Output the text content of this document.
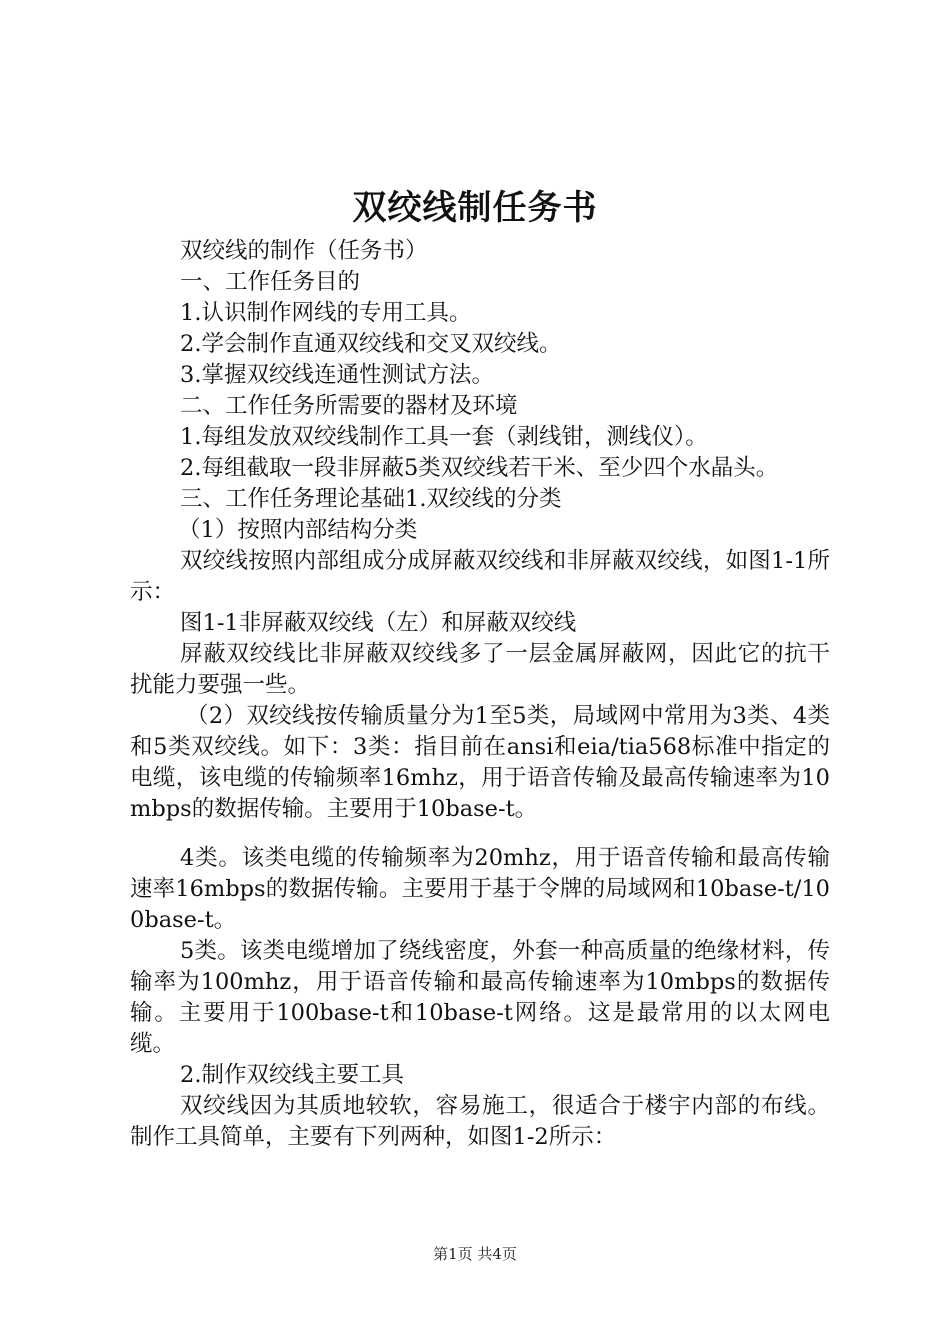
双绞线制任务书

双绞线的制作（任务书）

一、工作任务目的

1.认识制作网线的专用工具。

2.学会制作直通双绞线和交叉双绞线。

3.掌握双绞线连通性测试方法。

二、工作任务所需要的器材及环境

1.每组发放双绞线制作工具一套（剥线钳，测线仪）。

2.每组截取一段非屏蔽5类双绞线若干米、至少四个水晶头。

三、工作任务理论基础1.双绞线的分类

（1）按照内部结构分类

双绞线按照内部组成分成屏蔽双绞线和非屏蔽双绞线，如图1-1所示：

图1-1非屏蔽双绞线（左）和屏蔽双绞线

屏蔽双绞线比非屏蔽双绞线多了一层金属屏蔽网，因此它的抗干扰能力要强一些。

（2）双绞线按传输质量分为1至5类，局域网中常用为3类、4类和5类双绞线。如下：3类：指目前在ansi和eia/tia568标准中指定的电缆，该电缆的传输频率16mhz，用于语音传输及最高传输速率为10mbps的数据传输。主要用于10base-t。

4类。该类电缆的传输频率为20mhz，用于语音传输和最高传输速率16mbps的数据传输。主要用于基于令牌的局域网和10base-t/100base-t。

5类。该类电缆增加了绕线密度，外套一种高质量的绝缘材料，传输率为100mhz，用于语音传输和最高传输速率为10mbps的数据传输。主要用于100base-t和10base-t网络。这是最常用的以太网电缆。

2.制作双绞线主要工具

双绞线因为其质地较软，容易施工，很适合于楼宇内部的布线。制作工具简单，主要有下列两种，如图1-2所示：

第1页 共4页
